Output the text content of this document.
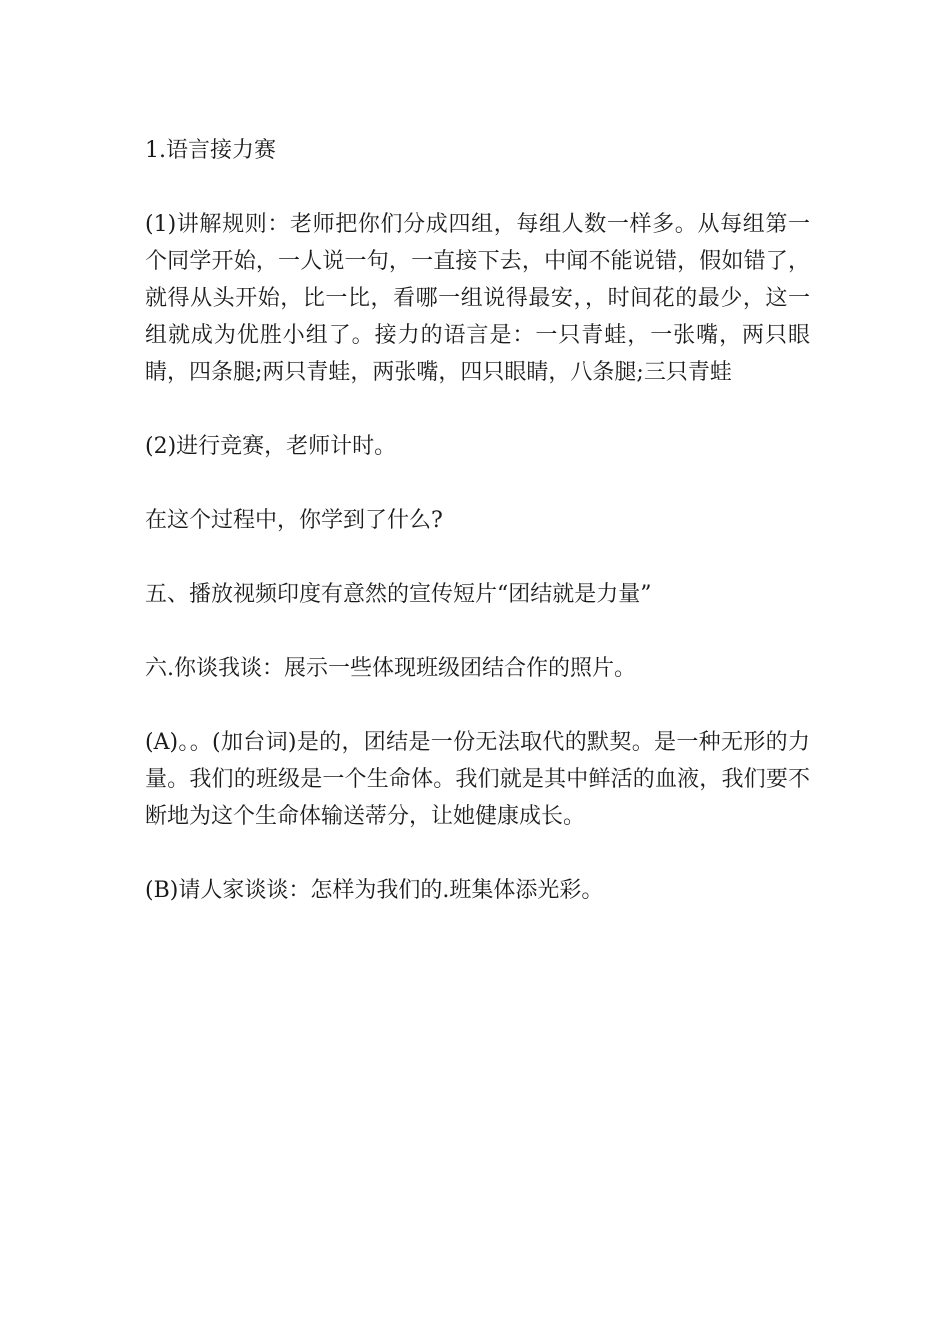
1.语言接力赛

(1)讲解规则：老师把你们分成四组，每组人数一样多。从每组第一个同学开始，一人说一句，一直接下去，中闻不能说错，假如错了，就得从头开始，比一比，看哪一组说得最安，，时间花的最少，这一组就成为优胜小组了。接力的语言是：一只青蛙，一张嘴，两只眼睛，四条腿;两只青蛙，两张嘴，四只眼睛，八条腿;三只青蛙

(2)进行竞赛，老师计时。

在这个过程中，你学到了什么?

五、播放视频印度有意然的宣传短片“团结就是力量”

六.你谈我谈：展示一些体现班级团结合作的照片。

(A)。。(加台词)是的，团结是一份无法取代的默契。是一种无形的力量。我们的班级是一个生命体。我们就是其中鲜活的血液，我们要不断地为这个生命体输送蒂分，让她健康成长。

(B)请人家谈谈：怎样为我们的.班集体添光彩。
